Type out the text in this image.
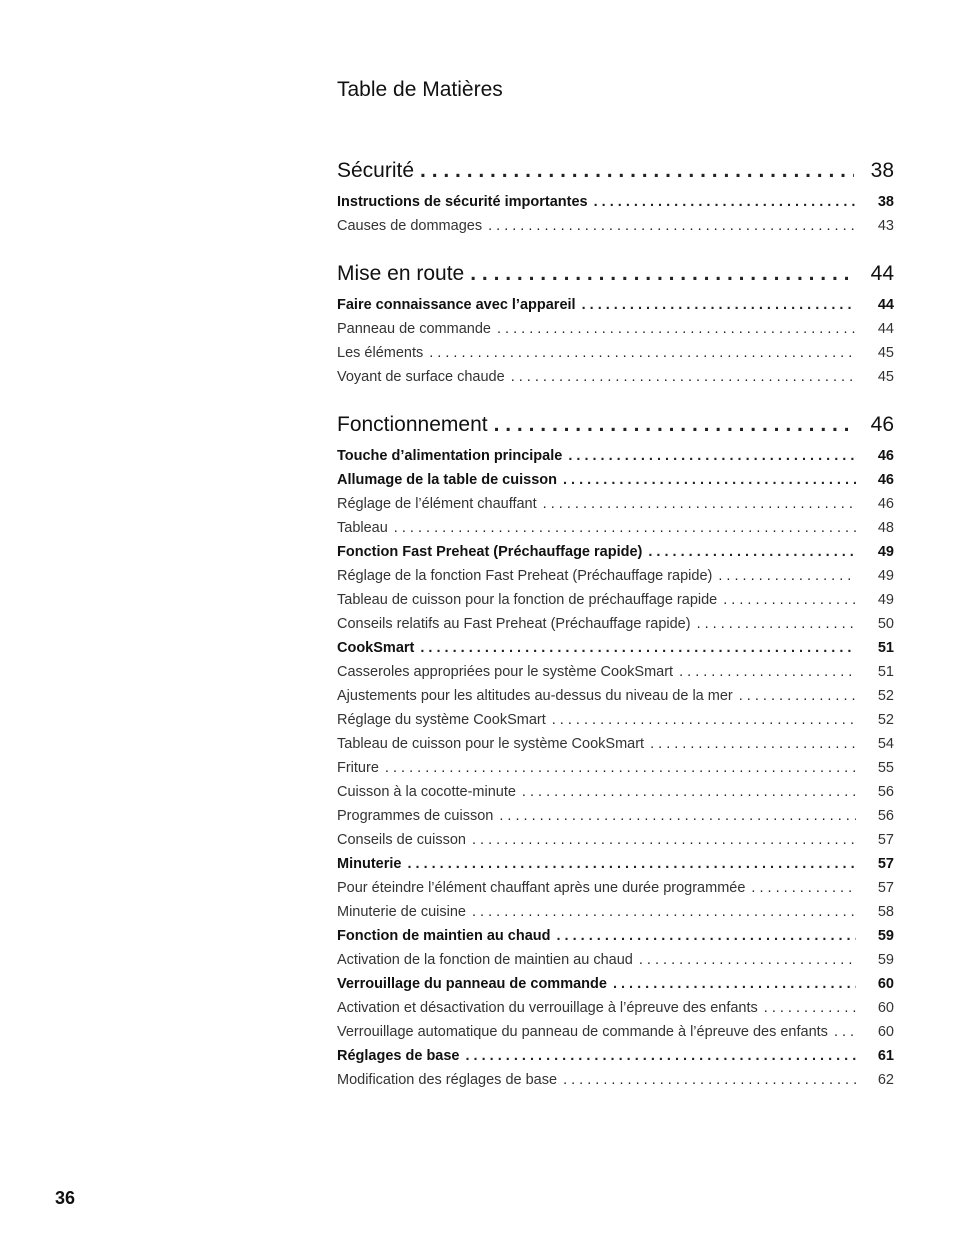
Table de Matières
Sécurité . . .	38
Instructions de sécurité importantes . . .	38
Causes de dommages . . .	43
Mise en route . . .	44
Faire connaissance avec l’appareil . . .	44
Panneau de commande . . .	44
Les éléments . . .	45
Voyant de surface chaude . . .	45
Fonctionnement . . .	46
Touche d’alimentation principale . . .	46
Allumage de la table de cuisson . . .	46
Réglage de l’élément chauffant . . .	46
Tableau . . .	48
Fonction Fast Preheat (Préchauffage rapide) . . .	49
Réglage de la fonction Fast Preheat (Préchauffage rapide) . . .	49
Tableau de cuisson pour la fonction de préchauffage rapide . . .	49
Conseils relatifs au Fast Preheat (Préchauffage rapide) . . .	50
CookSmart . . .	51
Casseroles appropriées pour le système CookSmart . . .	51
Ajustements pour les altitudes au-dessus du niveau de la mer . . .	52
Réglage du système CookSmart . . .	52
Tableau de cuisson pour le système CookSmart . . .	54
Friture . . .	55
Cuisson à la cocotte-minute . . .	56
Programmes de cuisson . . .	56
Conseils de cuisson . . .	57
Minuterie . . .	57
Pour éteindre l’élément chauffant après une durée programmée . . .	57
Minuterie de cuisine . . .	58
Fonction de maintien au chaud . . .	59
Activation de la fonction de maintien au chaud . . .	59
Verrouillage du panneau de commande . . .	60
Activation et désactivation du verrouillage à l’épreuve des enfants . . .	60
Verrouillage automatique du panneau de commande à l’épreuve des enfants . . .	60
Réglages de base . . .	61
Modification des réglages de base . . .	62
36
